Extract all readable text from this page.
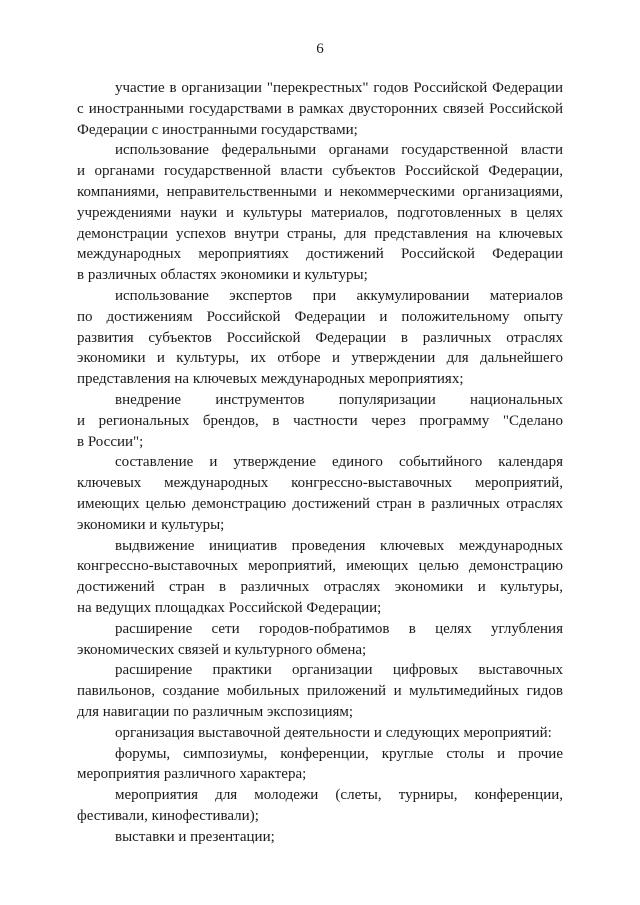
6
участие в организации "перекрестных" годов Российской Федерации
с иностранными государствами в рамках двусторонних связей Российской
Федерации с иностранными государствами;
использование федеральными органами государственной власти
и органами государственной власти субъектов Российской Федерации,
компаниями, неправительственными и некоммерческими организациями,
учреждениями науки и культуры материалов, подготовленных в целях
демонстрации успехов внутри страны, для представления на ключевых
международных мероприятиях достижений Российской Федерации
в различных областях экономики и культуры;
использование экспертов при аккумулировании материалов
по достижениям Российской Федерации и положительному опыту
развития субъектов Российской Федерации в различных отраслях
экономики и культуры, их отборе и утверждении для дальнейшего
представления на ключевых международных мероприятиях;
внедрение инструментов популяризации национальных
и региональных брендов, в частности через программу "Сделано
в России";
составление и утверждение единого событийного календаря
ключевых международных конгрессно-выставочных мероприятий,
имеющих целью демонстрацию достижений стран в различных отраслях
экономики и культуры;
выдвижение инициатив проведения ключевых международных
конгрессно-выставочных мероприятий, имеющих целью демонстрацию
достижений стран в различных отраслях экономики и культуры,
на ведущих площадках Российской Федерации;
расширение сети городов-побратимов в целях углубления
экономических связей и культурного обмена;
расширение практики организации цифровых выставочных
павильонов, создание мобильных приложений и мультимедийных гидов
для навигации по различным экспозициям;
организация выставочной деятельности и следующих мероприятий:
форумы, симпозиумы, конференции, круглые столы и прочие
мероприятия различного характера;
мероприятия для молодежи (слеты, турниры, конференции,
фестивали, кинофестивали);
выставки и презентации;
